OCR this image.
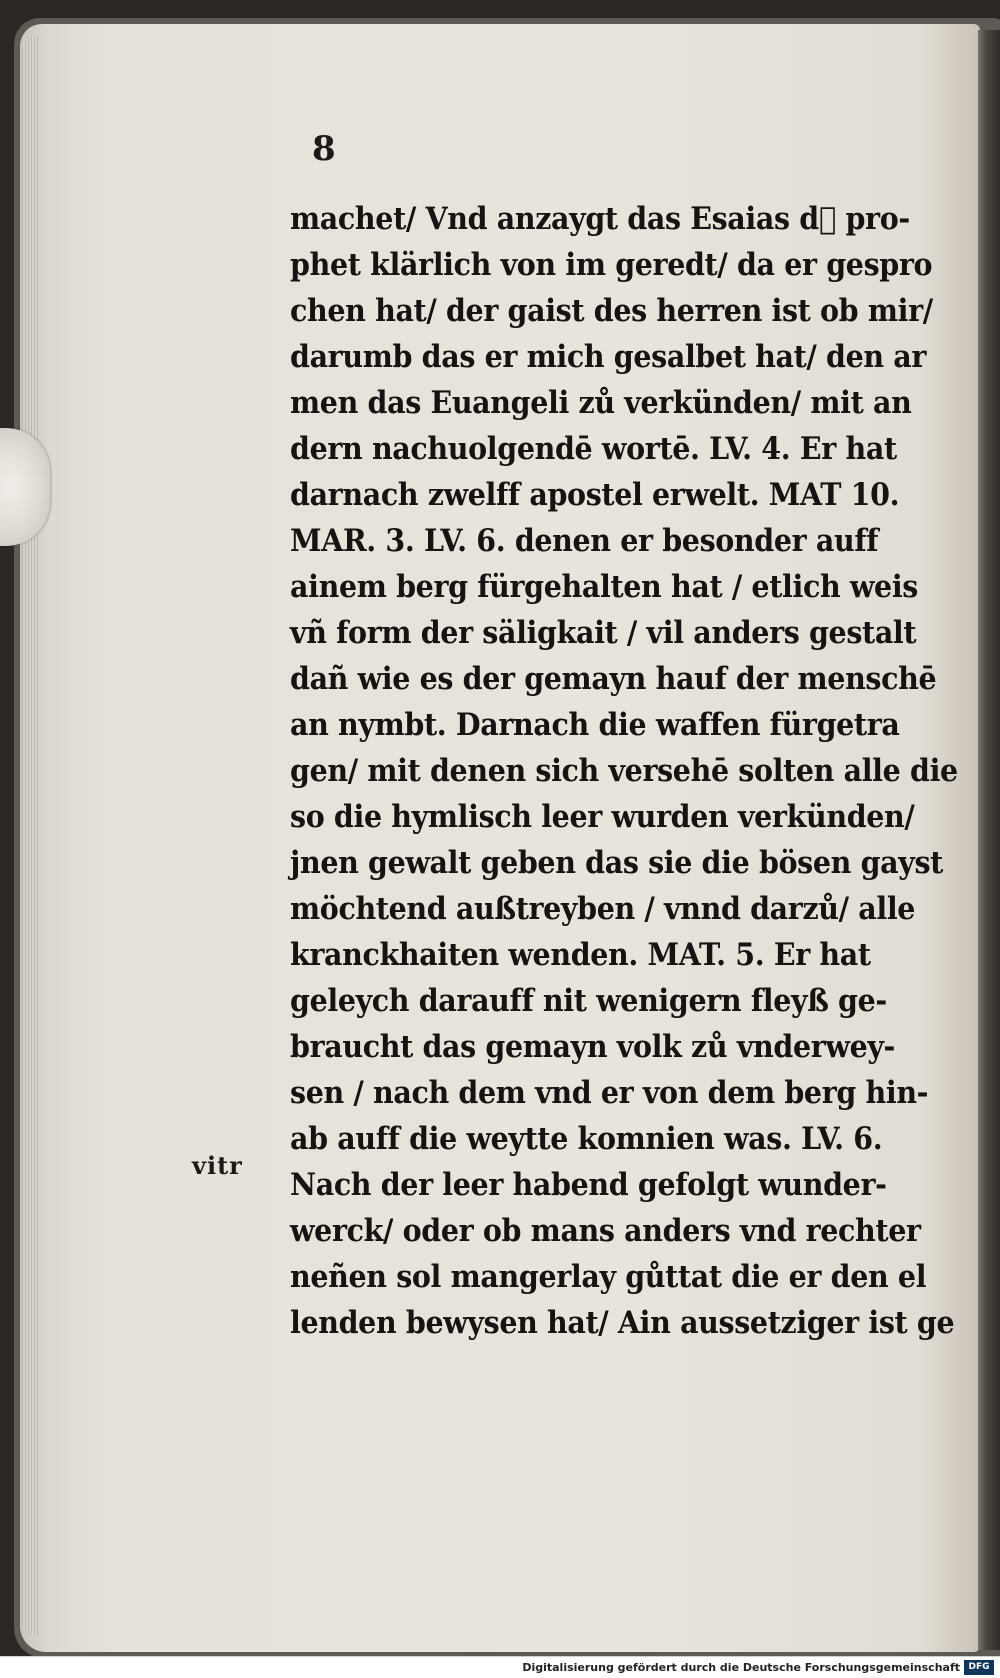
8

vitr

machet/ Vnd anzaygt das Esaias d᷑ pro-
phet klärlich von im geredt/ da er gespro
chen hat/ der gaist des herren ist ob mir/
darumb das er mich gesalbet hat/ den ar
men das Euangeli zů verkünden/ mit an
dern nachuolgendē wortē. LV. 4. Er hat
darnach zwelff apostel erwelt. MAT 10.
MAR. 3. LV. 6. denen er besonder auff
ainem berg fürgehalten hat / etlich weis
vñ form der säligkait / vil anders gestalt
dañ wie es der gemayn hauf der menschē
an nymbt. Darnach die waffen fürgetra
gen/ mit denen sich versehē solten alle die
so die hymlisch leer wurden verkünden/
jnen gewalt geben das sie die bösen gayst
möchtend außtreyben / vnnd darzů/ alle
kranckhaiten wenden. MAT. 5. Er hat
geleych darauff nit wenigern fleyß ge-
braucht das gemayn volk zů vnderwey-
sen / nach dem vnd er von dem berg hin-
ab auff die weytte komnien was. LV. 6.
Nach der leer habend gefolgt wunder-
werck/ oder ob mans anders vnd rechter
neñen sol mangerlay gůttat die er den el
lenden bewysen hat/ Ain aussetziger ist ge

Digitalisierung gefördert durch die Deutsche Forschungsgemeinschaft DFG
